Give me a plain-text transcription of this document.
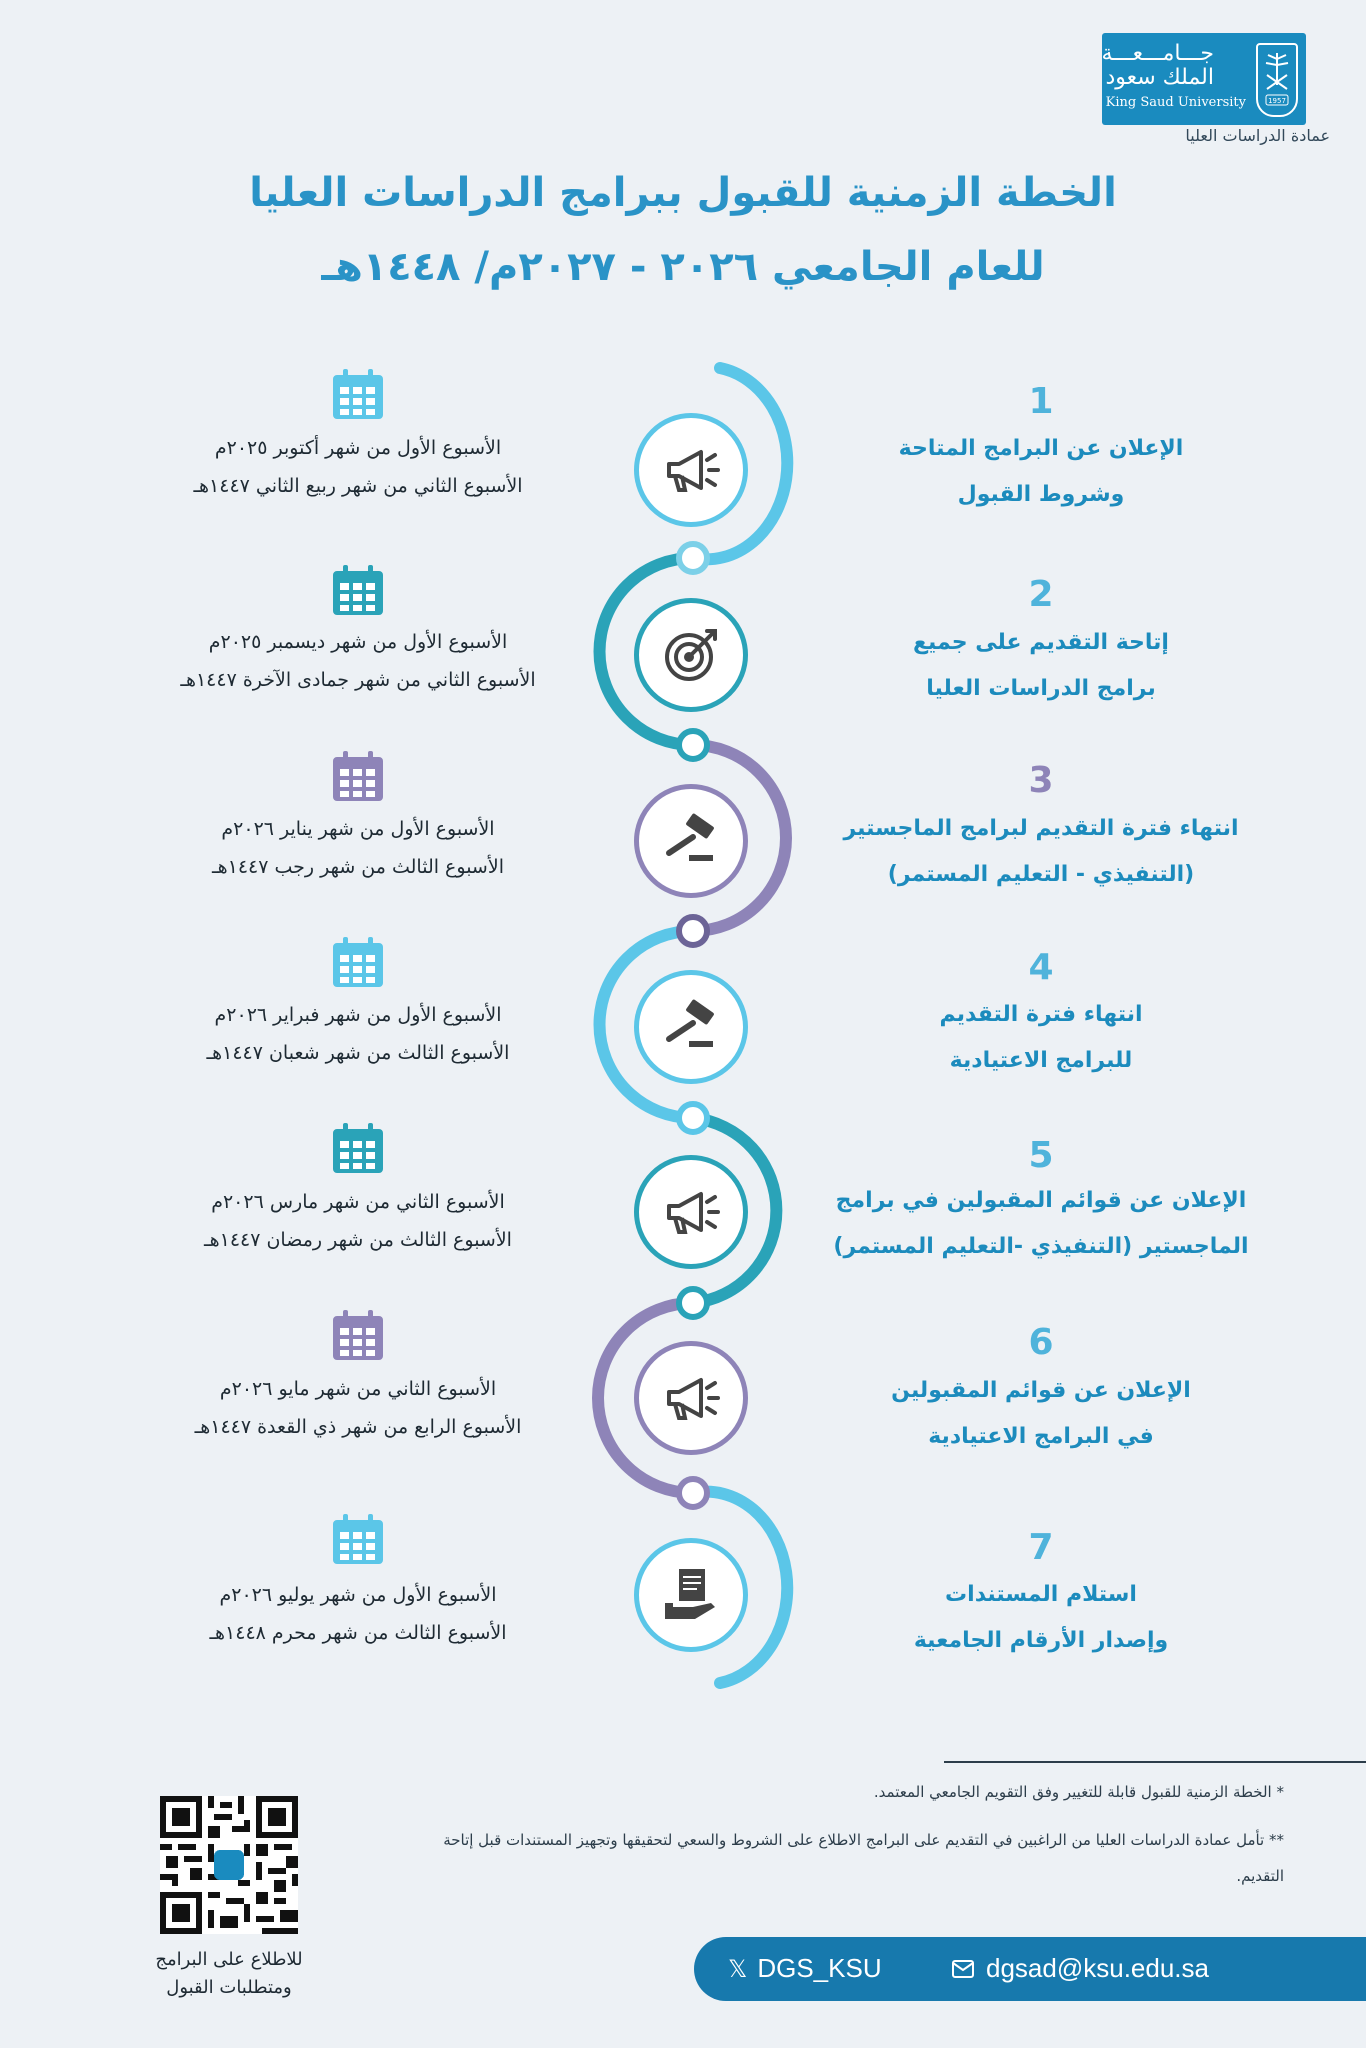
جـــامـــعـــة
الملك سعود
King Saud University	1957
عمادة الدراسات العليا
الخطة الزمنية للقبول ببرامج الدراسات العليا
للعام الجامعي ٢٠٢٦ - ٢٠٢٧م/ ١٤٤٨هـ
1
الإعلان عن البرامج المتاحة
وشروط القبول
2
إتاحة التقديم على جميع
برامج الدراسات العليا
3
انتهاء فترة التقديم لبرامج الماجستير
(التنفيذي - التعليم المستمر)
4
انتهاء فترة التقديم
للبرامج الاعتيادية
5
الإعلان عن قوائم المقبولين في برامج
الماجستير (التنفيذي -التعليم المستمر)
6
الإعلان عن قوائم المقبولين
في البرامج الاعتيادية
7
استلام المستندات
وإصدار الأرقام الجامعية
الأسبوع الأول من شهر أكتوبر ٢٠٢٥م
الأسبوع الثاني من شهر ربيع الثاني ١٤٤٧هـ
الأسبوع الأول من شهر ديسمبر ٢٠٢٥م
الأسبوع الثاني من شهر جمادى الآخرة ١٤٤٧هـ
الأسبوع الأول من شهر يناير ٢٠٢٦م
الأسبوع الثالث من شهر رجب ١٤٤٧هـ
الأسبوع الأول من شهر فبراير ٢٠٢٦م
الأسبوع الثالث من شهر شعبان ١٤٤٧هـ
الأسبوع الثاني من شهر مارس ٢٠٢٦م
الأسبوع الثالث من شهر رمضان ١٤٤٧هـ
الأسبوع الثاني من شهر مايو ٢٠٢٦م
الأسبوع الرابع من شهر ذي القعدة ١٤٤٧هـ
الأسبوع الأول من شهر يوليو ٢٠٢٦م
الأسبوع الثالث من شهر محرم ١٤٤٨هـ
* الخطة الزمنية للقبول قابلة للتغيير وفق التقويم الجامعي المعتمد.
** تأمل عمادة الدراسات العليا من الراغبين في التقديم على البرامج الاطلاع على الشروط والسعي لتحقيقها وتجهيز المستندات قبل إتاحة التقديم.
للاطلاع على البرامج
ومتطلبات القبول
𝕏 DGS_KSU	dgsad@ksu.edu.sa
